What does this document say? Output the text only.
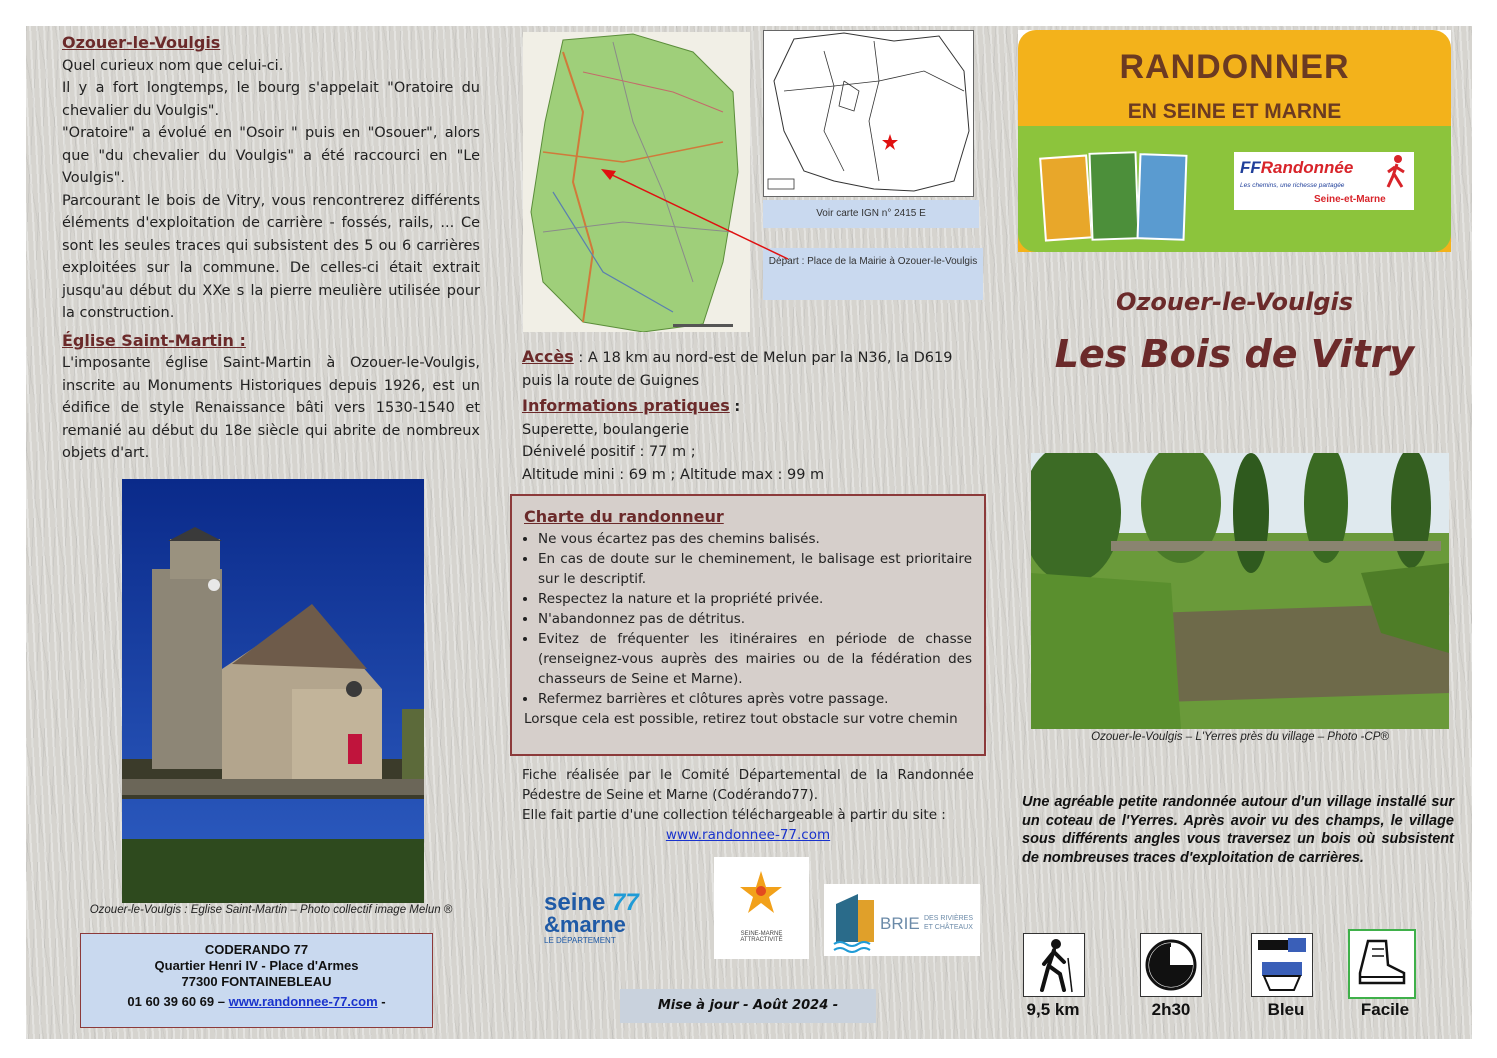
Ozouer-le-Voulgis

Quel curieux nom que celui-ci.

Il y a fort longtemps, le bourg s'appelait "Oratoire du chevalier du Voulgis".

"Oratoire" a évolué en "Osoir " puis en "Osouer", alors que "du chevalier du Voulgis" a été raccourci en "Le Voulgis".

Parcourant le bois de Vitry, vous rencontrerez différents éléments d'exploitation de carrière - fossés, rails, ... Ce sont les seules traces qui subsistent des 5 ou 6 carrières exploitées sur la commune. De celles-ci était extrait jusqu'au début du XXe s la pierre meulière utilisée pour la construction.

Église Saint-Martin :

L'imposante église Saint-Martin à Ozouer-le-Voulgis, inscrite au Monuments Historiques depuis 1926, est un édifice de style Renaissance bâti vers 1530-1540 et remanié au début du 18e siècle qui abrite de nombreux objets d'art.

Ozouer-le-Voulgis : Eglise Saint-Martin – Photo collectif image Melun ®
CODERANDO 77
Quartier Henri IV - Place d'Armes
77300 FONTAINEBLEAU
01 60 39 60 69 – www.randonnee-77.com -
Voir carte IGN n° 2415 E
Départ : Place de la Mairie à Ozouer-le-Voulgis
Accès : A 18 km au nord-est de Melun par la N36, la D619 puis la route de Guignes
Informations pratiques :
Superette, boulangerie
Dénivelé positif : 77 m ;
Altitude mini : 69 m ; Altitude max : 99 m
Charte du randonneur
• Ne vous écartez pas des chemins balisés.
• En cas de doute sur le cheminement, le balisage est prioritaire sur le descriptif.
• Respectez la nature et la propriété privée.
• N'abandonnez pas de détritus.
• Evitez de fréquenter les itinéraires en période de chasse (renseignez-vous auprès des mairies ou de la fédération des chasseurs de Seine et Marne).
• Refermez barrières et clôtures après votre passage.
Lorsque cela est possible, retirez tout obstacle sur votre chemin
Fiche réalisée par le Comité Départemental de la Randonnée Pédestre de Seine et Marne (Codérando77).
Elle fait partie d'une collection téléchargeable à partir du site :
www.randonnee-77.com
seine 77
&marne
LE DÉPARTEMENT
SEINE-MARNE ATTRACTIVITÉ
BRIE DES RIVIÈRES ET CHÂTEAUX
Mise à jour - Août 2024 -
RANDONNER
EN SEINE ET MARNE
FFRandonnée
Les chemins, une richesse partagée
Seine-et-Marne
Ozouer-le-Voulgis
Les Bois de Vitry
Ozouer-le-Voulgis – L'Yerres près du village – Photo -CP®
Une agréable petite randonnée autour d'un village installé sur un coteau de l'Yerres. Après avoir vu des champs, le village sous différents angles vous traversez un bois où subsistent de nombreuses traces d'exploitation de carrières.
9,5 km	2h30	Bleu	Facile
